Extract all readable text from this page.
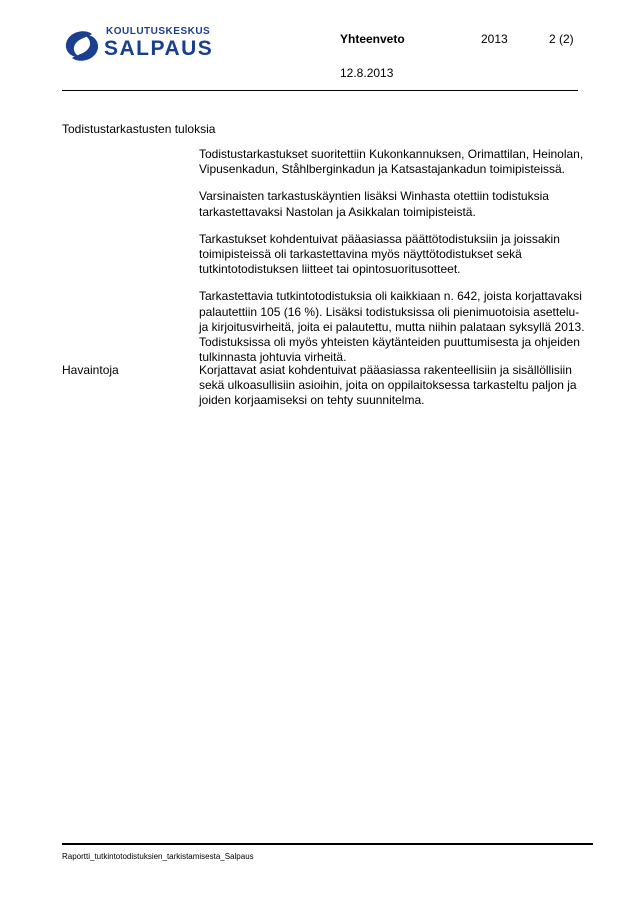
KOULUTUSKESKUS
SALPAUS	Yhteenveto	2013	2 (2)
12.8.2013
Todistustarkastusten tuloksia

Todistustarkastukset suoritettiin Kukonkannuksen, Orimattilan, Heinolan, Vipusenkadun, Ståhlberginkadun ja Katsastajankadun toimipisteissä.

Varsinaisten tarkastuskäyntien lisäksi Winhasta otettiin todistuksia tarkastettavaksi Nastolan ja Asikkalan toimipisteistä.

Tarkastukset kohdentuivat pääasiassa päättötodistuksiin ja joissakin toimipisteissä oli tarkastettavina myös näyttötodistukset sekä tutkintotodistuksen liitteet tai opintosuoritusotteet.

Tarkastettavia tutkintotodistuksia oli kaikkiaan n. 642, joista korjattavaksi palautettiin 105 (16 %). Lisäksi todistuksissa oli pienimuotoisia asettelu- ja kirjoitusvirheitä, joita ei palautettu, mutta niihin palataan syksyllä 2013. Todistuksissa oli myös yhteisten käytänteiden puuttumisesta ja ohjeiden tulkinnasta johtuvia virheitä.

Havaintoja	Korjattavat asiat kohdentuivat pääasiassa rakenteellisiin ja sisällöllisiin sekä ulkoasullisiin asioihin, joita on oppilaitoksessa tarkasteltu paljon ja joiden korjaamiseksi on tehty suunnitelma.

Raportti_tutkintotodistuksien_tarkistamisesta_Salpaus
